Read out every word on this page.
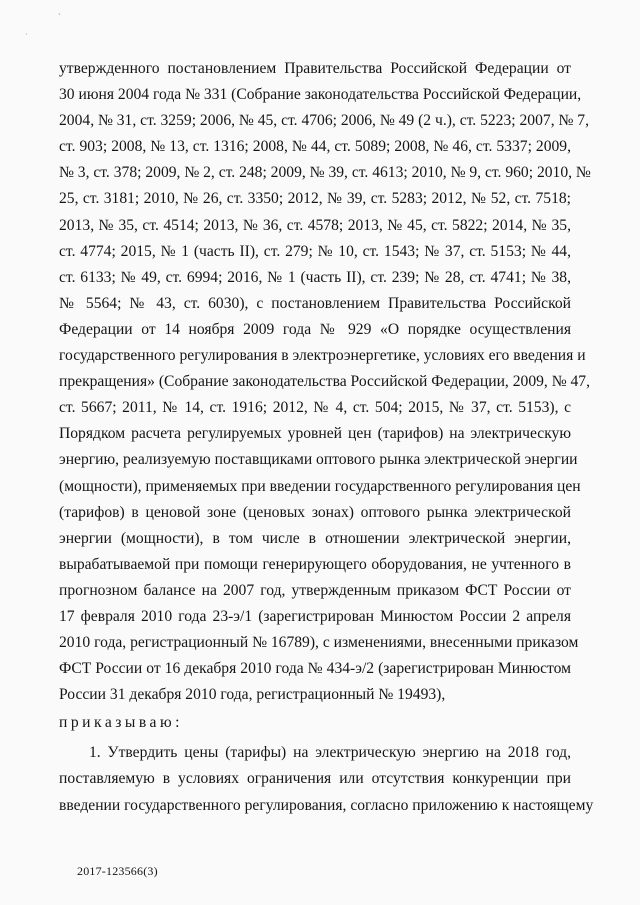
·
`
утвержденного постановлением Правительства Российской Федерации от
30 июня 2004 года № 331 (Собрание законодательства Российской Федерации,
2004, № 31, ст. 3259; 2006, № 45, ст. 4706; 2006, № 49 (2 ч.), ст. 5223; 2007, № 7,
ст. 903; 2008, № 13, ст. 1316; 2008, № 44, ст. 5089; 2008, № 46, ст. 5337; 2009,
№ 3, ст. 378; 2009, № 2, ст. 248; 2009, № 39, ст. 4613; 2010, № 9, ст. 960; 2010, №
25, ст. 3181; 2010, № 26, ст. 3350; 2012, № 39, ст. 5283; 2012, № 52, ст. 7518;
2013, № 35, ст. 4514; 2013, № 36, ст. 4578; 2013, № 45, ст. 5822; 2014, № 35,
ст. 4774; 2015, № 1 (часть II), ст. 279; № 10, ст. 1543; № 37, ст. 5153; № 44,
ст. 6133; № 49, ст. 6994; 2016, № 1 (часть II), ст. 239; № 28, ст. 4741; № 38,
№ 5564; № 43, ст. 6030), с постановлением Правительства Российской
Федерации от 14 ноября 2009 года № 929 «О порядке осуществления
государственного регулирования в электроэнергетике, условиях его введения и
прекращения» (Собрание законодательства Российской Федерации, 2009, № 47,
ст. 5667; 2011, № 14, ст. 1916; 2012, № 4, ст. 504; 2015, № 37, ст. 5153), с
Порядком расчета регулируемых уровней цен (тарифов) на электрическую
энергию, реализуемую поставщиками оптового рынка электрической энергии
(мощности), применяемых при введении государственного регулирования цен
(тарифов) в ценовой зоне (ценовых зонах) оптового рынка электрической
энергии (мощности), в том числе в отношении электрической энергии,
вырабатываемой при помощи генерирующего оборудования, не учтенного в
прогнозном балансе на 2007 год, утвержденным приказом ФСТ России от
17 февраля 2010 года 23-э/1 (зарегистрирован Минюстом России 2 апреля
2010 года, регистрационный № 16789), с изменениями, внесенными приказом
ФСТ России от 16 декабря 2010 года № 434-э/2 (зарегистрирован Минюстом
России 31 декабря 2010 года, регистрационный № 19493),
приказываю:
1. Утвердить цены (тарифы) на электрическую энергию на 2018 год,
поставляемую в условиях ограничения или отсутствия конкуренции при
введении государственного регулирования, согласно приложению к настоящему
2017-123566(3)
